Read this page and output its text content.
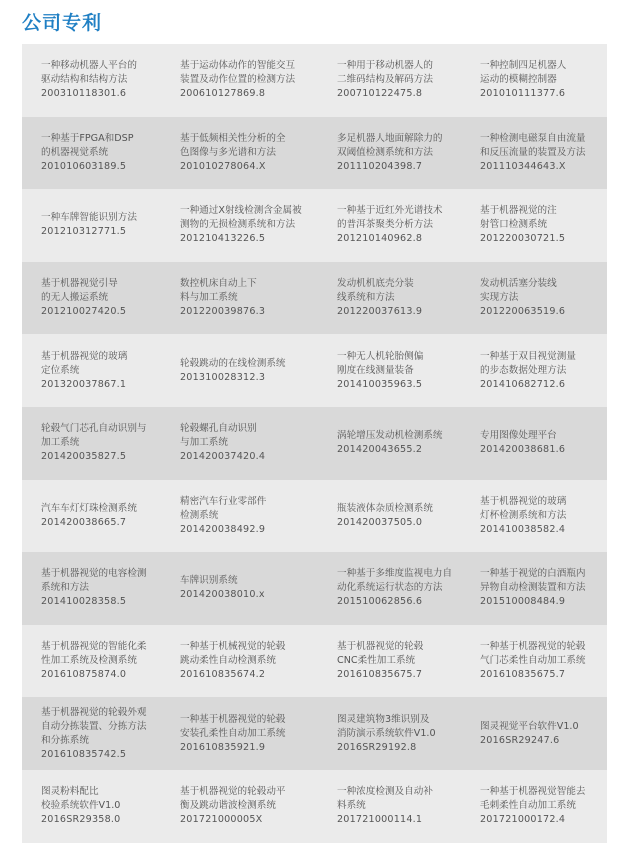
公司专利
一种移动机器人平台的
驱动结构和结构方法
200310118301.6
基于运动体动作的智能交互
装置及动作位置的检测方法
200610127869.8
一种用于移动机器人的
二维码结构及解码方法
200710122475.8
一种控制四足机器人
运动的模糊控制器
201010111377.6
一种基于FPGA和DSP
的机器视觉系统
201010603189.5
基于低频相关性分析的全
色图像与多光谱和方法
201010278064.X
多足机器人地面解除力的
双阈值检测系统和方法
201110204398.7
一种检测电磁泵自由流量
和反压流量的装置及方法
201110344643.X
一种车牌智能识别方法
201210312771.5
一种通过X射线检测含金属被
测物的无损检测系统和方法
201210413226.5
一种基于近红外光谱技术
的普洱茶聚类分析方法
201210140962.8
基于机器视觉的注
射管口检测系统
201220030721.5
基于机器视觉引导
的无人搬运系统
201210027420.5
数控机床自动上下
料与加工系统
201220039876.3
发动机机底壳分装
线系统和方法
201220037613.9
发动机活塞分装线
实现方法
201220063519.6
基于机器视觉的玻璃
定位系统
201320037867.1
轮毂跳动的在线检测系统
201310028312.3
一种无人机轮胎侧偏
刚度在线测量装备
201410035963.5
一种基于双目视觉测量
的步态数据处理方法
201410682712.6
轮毂气门芯孔自动识别与
加工系统
201420035827.5
轮毂螺孔自动识别
与加工系统
201420037420.4
涡轮增压发动机检测系统
201420043655.2
专用图像处理平台
201420038681.6
汽车车灯灯珠检测系统
201420038665.7
精密汽车行业零部件
检测系统
201420038492.9
瓶装液体杂质检测系统
201420037505.0
基于机器视觉的玻璃
灯杯检测系统和方法
201410038582.4
基于机器视觉的电容检测
系统和方法
201410028358.5
车牌识别系统
201420038010.x
一种基于多维度监视电力自
动化系统运行状态的方法
201510062856.6
一种基于视觉的白酒瓶内
异物自动检测装置和方法
201510008484.9
基于机器视觉的智能化柔
性加工系统及检测系统
201610875874.0
一种基于机械视觉的轮毂
跳动柔性自动检测系统
201610835674.2
基于机器视觉的轮毂
CNC柔性加工系统
201610835675.7
一种基于机器视觉的轮毂
气门芯柔性自动加工系统
201610835675.7
基于机器视觉的轮毂外观
自动分拣装置、分拣方法
和分拣系统
201610835742.5
一种基于机器视觉的轮毂
安装孔柔性自动加工系统
201610835921.9
图灵建筑物3维识别及
消防演示系统软件V1.0
2016SR29192.8
图灵视觉平台软件V1.0
2016SR29247.6
图灵粉料配比
校验系统软件V1.0
2016SR29358.0
基于机器视觉的轮毂动平
衡及跳动谐波检测系统
201721000005X
一种浓度检测及自动补
料系统
201721000114.1
一种基于机器视觉智能去
毛刺柔性自动加工系统
201721000172.4
